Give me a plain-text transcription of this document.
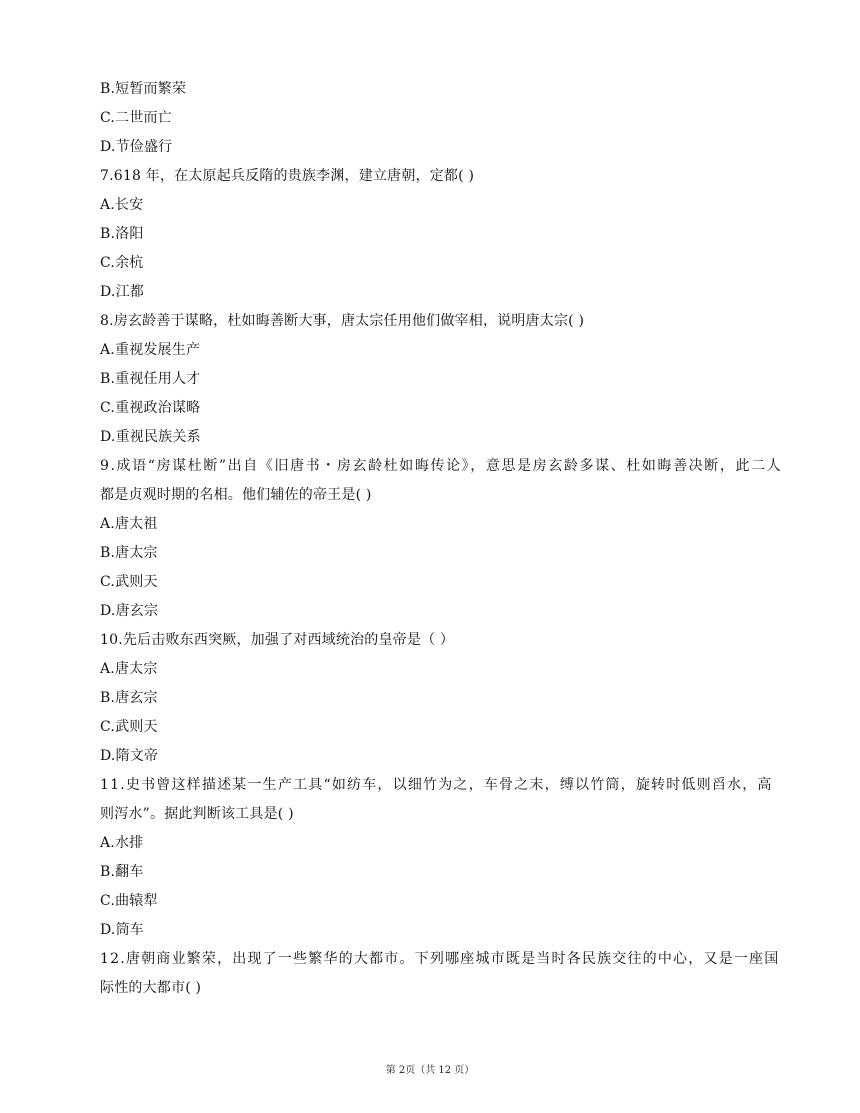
B.短暂而繁荣
C.二世而亡
D.节俭盛行
7.618 年，在太原起兵反隋的贵族李渊，建立唐朝，定都( )
A.长安
B.洛阳
C.余杭
D.江都
8.房玄龄善于谋略，杜如晦善断大事，唐太宗任用他们做宰相，说明唐太宗( )
A.重视发展生产
B.重视任用人才
C.重视政治谋略
D.重视民族关系
9.成语“房谋杜断”出自《旧唐书・房玄龄杜如晦传论》，意思是房玄龄多谋、杜如晦善决断，此二人
都是贞观时期的名相。他们辅佐的帝王是( )
A.唐太祖
B.唐太宗
C.武则天
D.唐玄宗
10.先后击败东西突厥，加强了对西域统治的皇帝是（ ）
A.唐太宗
B.唐玄宗
C.武则天
D.隋文帝
11.史书曾这样描述某一生产工具“如纺车，以细竹为之，车骨之末，缚以竹筒，旋转时低则舀水，高
则泻水”。据此判断该工具是( )
A.水排
B.翻车
C.曲辕犁
D.筒车
12.唐朝商业繁荣，出现了一些繁华的大都市。下列哪座城市既是当时各民族交往的中心，又是一座国
际性的大都市( )
第 2页（共 12 页）
